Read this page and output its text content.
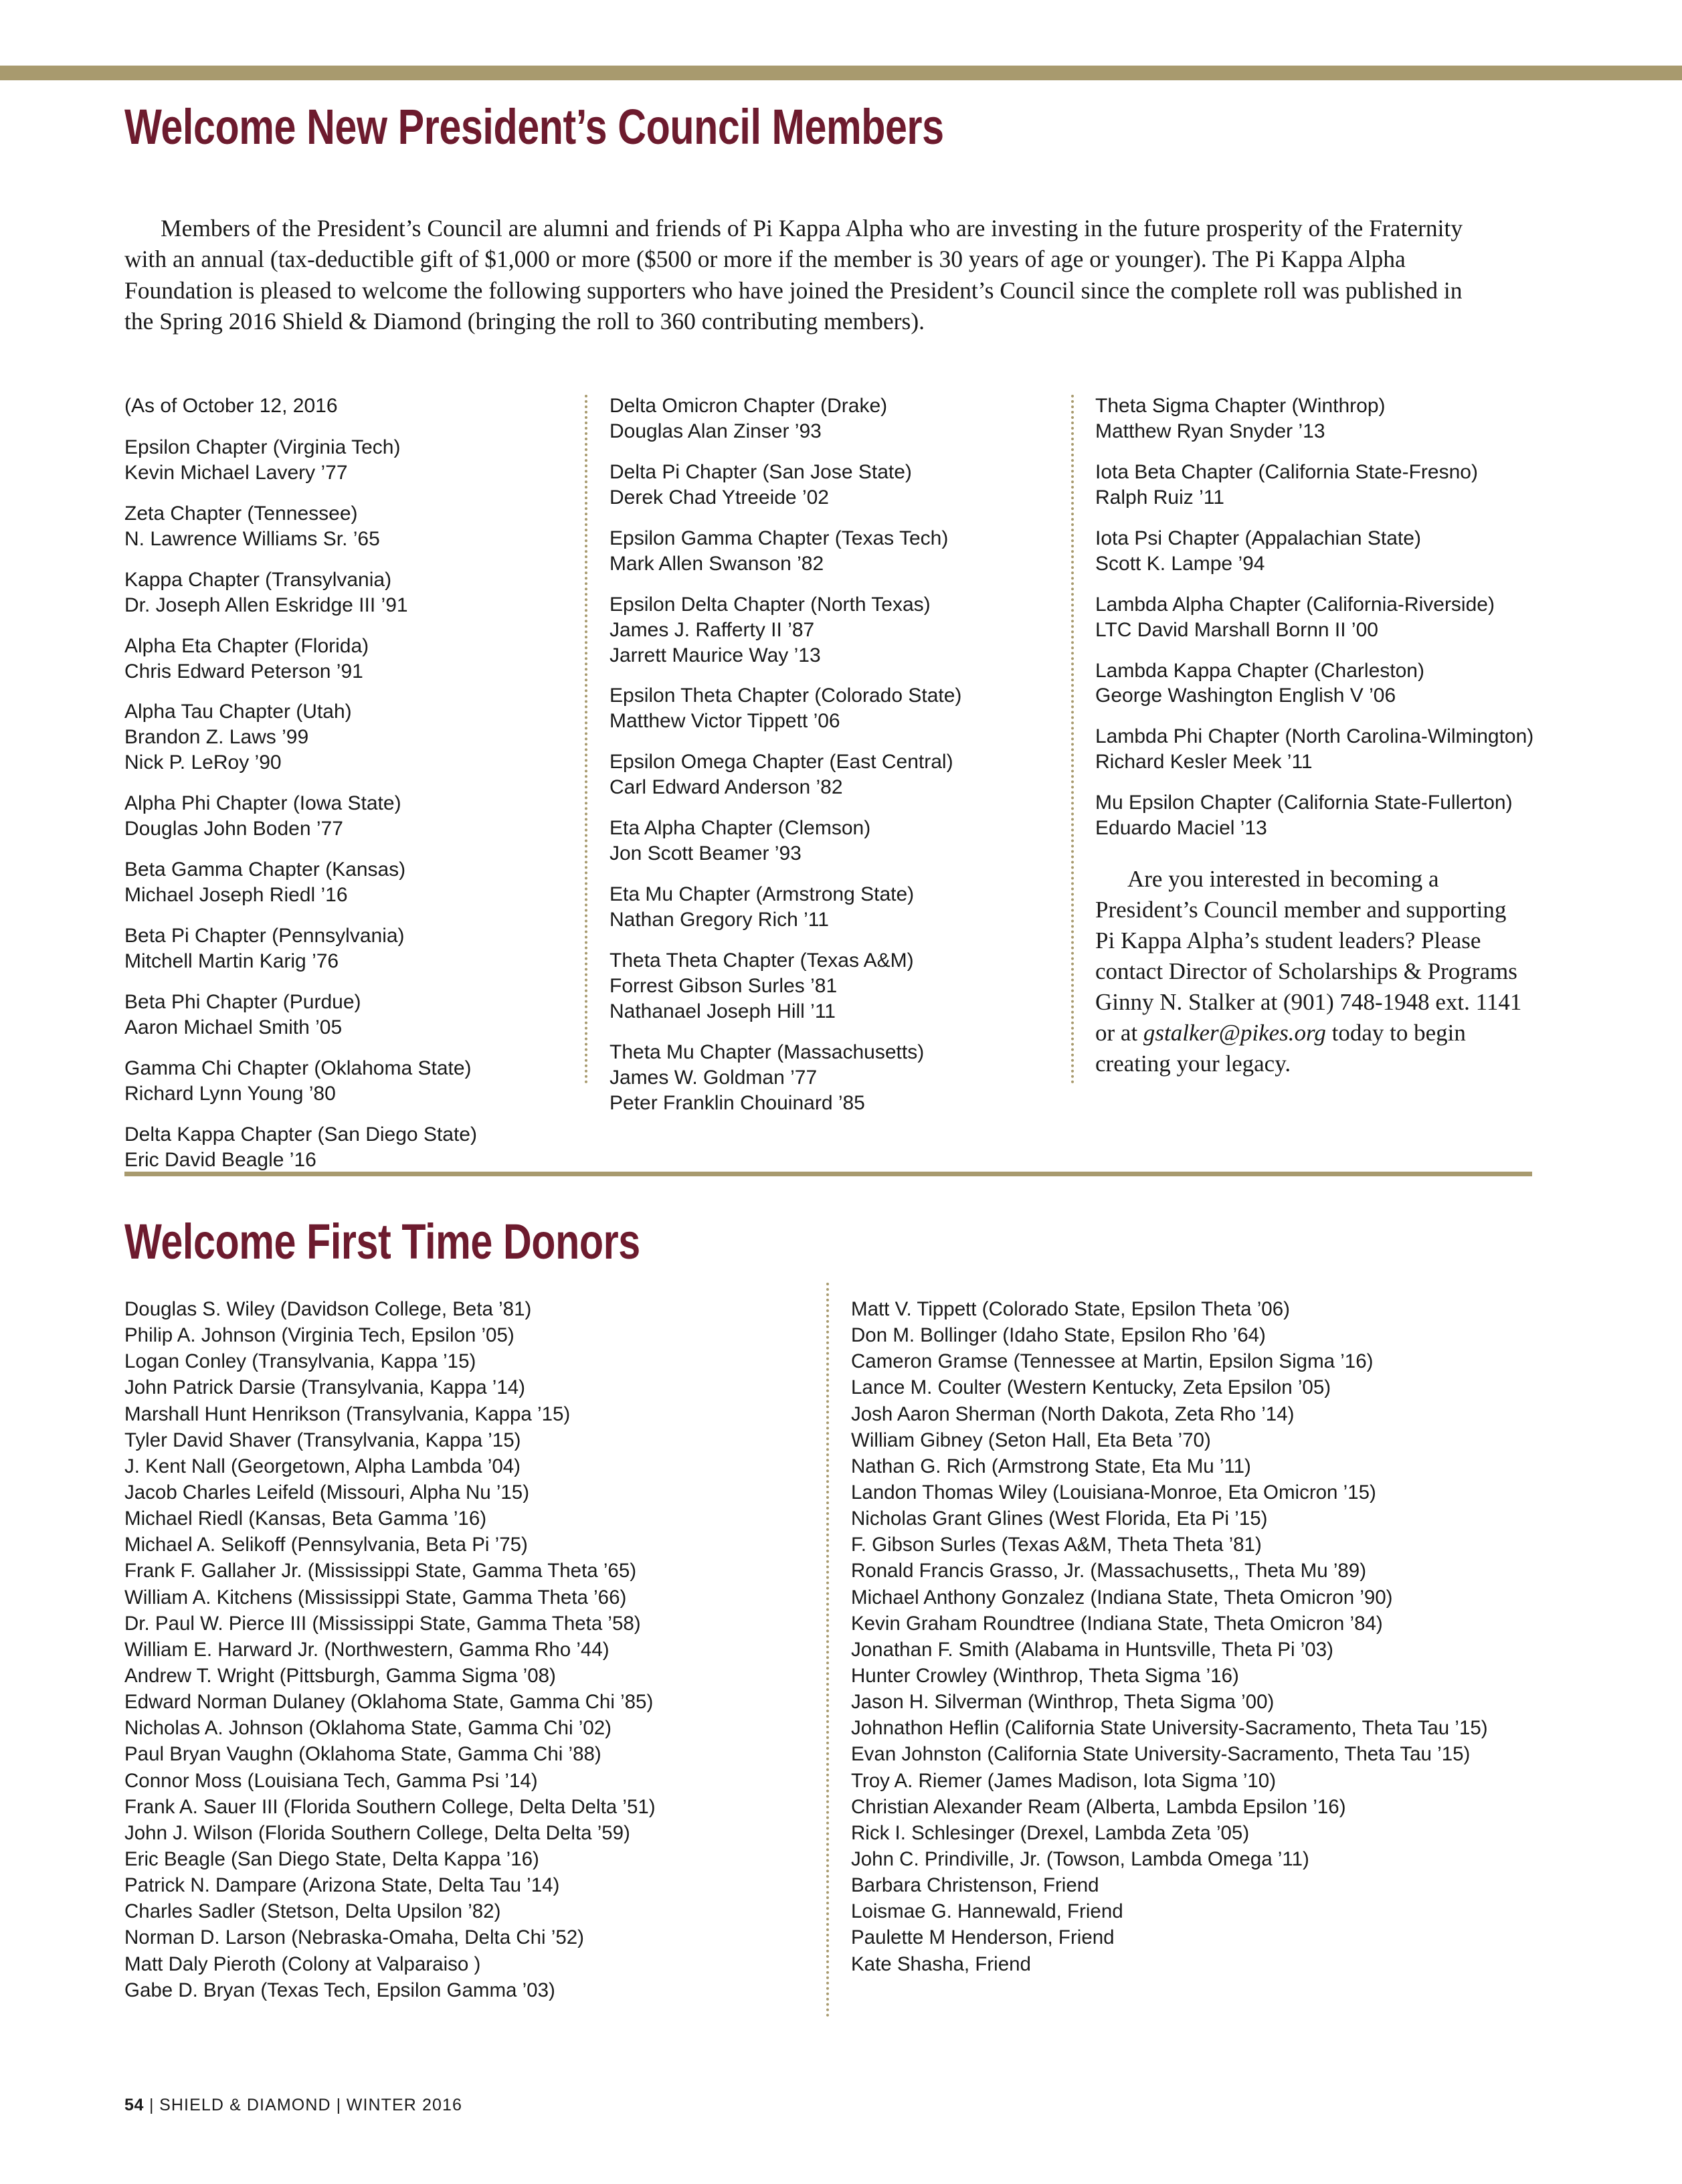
Welcome New President’s Council Members

Members of the President’s Council are alumni and friends of Pi Kappa Alpha who are investing in the future prosperity of the Fraternity with an annual (tax-deductible gift of $1,000 or more ($500 or more if the member is 30 years of age or younger). The Pi Kappa Alpha Foundation is pleased to welcome the following supporters who have joined the President’s Council since the complete roll was published in the Spring 2016 Shield & Diamond (bringing the roll to 360 contributing members).

(As of October 12, 2016
Epsilon Chapter (Virginia Tech)
Kevin Michael Lavery ’77
Zeta Chapter (Tennessee)
N. Lawrence Williams Sr. ’65
Kappa Chapter (Transylvania)
Dr. Joseph Allen Eskridge III ’91
Alpha Eta Chapter (Florida)
Chris Edward Peterson ’91
Alpha Tau Chapter (Utah)
Brandon Z. Laws ’99
Nick P. LeRoy ’90
Alpha Phi Chapter (Iowa State)
Douglas John Boden ’77
Beta Gamma Chapter (Kansas)
Michael Joseph Riedl ’16
Beta Pi Chapter (Pennsylvania)
Mitchell Martin Karig ’76
Beta Phi Chapter (Purdue)
Aaron Michael Smith ’05
Gamma Chi Chapter (Oklahoma State)
Richard Lynn Young ’80
Delta Kappa Chapter (San Diego State)
Eric David Beagle ’16
Delta Omicron Chapter (Drake)
Douglas Alan Zinser ’93
Delta Pi Chapter (San Jose State)
Derek Chad Ytreeide ’02
Epsilon Gamma Chapter (Texas Tech)
Mark Allen Swanson ’82
Epsilon Delta Chapter (North Texas)
James J. Rafferty II ’87
Jarrett Maurice Way ’13
Epsilon Theta Chapter (Colorado State)
Matthew Victor Tippett ’06
Epsilon Omega Chapter (East Central)
Carl Edward Anderson ’82
Eta Alpha Chapter (Clemson)
Jon Scott Beamer ’93
Eta Mu Chapter (Armstrong State)
Nathan Gregory Rich ’11
Theta Theta Chapter (Texas A&M)
Forrest Gibson Surles ’81
Nathanael Joseph Hill ’11
Theta Mu Chapter (Massachusetts)
James W. Goldman ’77
Peter Franklin Chouinard ’85
Theta Sigma Chapter (Winthrop)
Matthew Ryan Snyder ’13
Iota Beta Chapter (California State-Fresno)
Ralph Ruiz ’11
Iota Psi Chapter (Appalachian State)
Scott K. Lampe ’94
Lambda Alpha Chapter (California-Riverside)
LTC David Marshall Bornn II ’00
Lambda Kappa Chapter (Charleston)
George Washington English V ’06
Lambda Phi Chapter (North Carolina-Wilmington)
Richard Kesler Meek ’11
Mu Epsilon Chapter (California State-Fullerton)
Eduardo Maciel ’13

Are you interested in becoming a President’s Council member and supporting Pi Kappa Alpha’s student leaders? Please contact Director of Scholarships & Programs Ginny N. Stalker at (901) 748-1948 ext. 1141 or at gstalker@pikes.org today to begin creating your legacy.

Welcome First Time Donors
Douglas S. Wiley (Davidson College, Beta ’81)
Philip A. Johnson (Virginia Tech, Epsilon ’05)
Logan Conley (Transylvania, Kappa ’15)
John Patrick Darsie (Transylvania, Kappa ’14)
Marshall Hunt Henrikson (Transylvania, Kappa ’15)
Tyler David Shaver (Transylvania, Kappa ’15)
J. Kent Nall (Georgetown, Alpha Lambda ’04)
Jacob Charles Leifeld (Missouri, Alpha Nu ’15)
Michael Riedl (Kansas, Beta Gamma ’16)
Michael A. Selikoff (Pennsylvania, Beta Pi ’75)
Frank F. Gallaher Jr. (Mississippi State, Gamma Theta ’65)
William A. Kitchens (Mississippi State, Gamma Theta ’66)
Dr. Paul W. Pierce III (Mississippi State, Gamma Theta ’58)
William E. Harward Jr. (Northwestern, Gamma Rho ’44)
Andrew T. Wright (Pittsburgh, Gamma Sigma ’08)
Edward Norman Dulaney (Oklahoma State, Gamma Chi ’85)
Nicholas A. Johnson (Oklahoma State, Gamma Chi ’02)
Paul Bryan Vaughn (Oklahoma State, Gamma Chi ’88)
Connor Moss (Louisiana Tech, Gamma Psi ’14)
Frank A. Sauer III (Florida Southern College, Delta Delta ’51)
John J. Wilson (Florida Southern College, Delta Delta ’59)
Eric Beagle (San Diego State, Delta Kappa ’16)
Patrick N. Dampare (Arizona State, Delta Tau ’14)
Charles Sadler (Stetson, Delta Upsilon ’82)
Norman D. Larson (Nebraska-Omaha, Delta Chi ’52)
Matt Daly Pieroth (Colony at Valparaiso )
Gabe D. Bryan (Texas Tech, Epsilon Gamma ’03)
Matt V. Tippett (Colorado State, Epsilon Theta ’06)
Don M. Bollinger (Idaho State, Epsilon Rho ’64)
Cameron Gramse (Tennessee at Martin, Epsilon Sigma ’16)
Lance M. Coulter (Western Kentucky, Zeta Epsilon ’05)
Josh Aaron Sherman (North Dakota, Zeta Rho ’14)
William Gibney (Seton Hall, Eta Beta ’70)
Nathan G. Rich (Armstrong State, Eta Mu ’11)
Landon Thomas Wiley (Louisiana-Monroe, Eta Omicron ’15)
Nicholas Grant Glines (West Florida, Eta Pi ’15)
F. Gibson Surles (Texas A&M, Theta Theta ’81)
Ronald Francis Grasso, Jr. (Massachusetts,, Theta Mu ’89)
Michael Anthony Gonzalez (Indiana State, Theta Omicron ’90)
Kevin Graham Roundtree (Indiana State, Theta Omicron ’84)
Jonathan F. Smith (Alabama in Huntsville, Theta Pi ’03)
Hunter Crowley (Winthrop, Theta Sigma ’16)
Jason H. Silverman (Winthrop, Theta Sigma ’00)
Johnathon Heflin (California State University-Sacramento, Theta Tau ’15)
Evan Johnston (California State University-Sacramento, Theta Tau ’15)
Troy A. Riemer (James Madison, Iota Sigma ’10)
Christian Alexander Ream (Alberta, Lambda Epsilon ’16)
Rick I. Schlesinger (Drexel, Lambda Zeta ’05)
John C. Prindiville, Jr. (Towson, Lambda Omega ’11)
Barbara Christenson, Friend
Loismae G. Hannewald, Friend
Paulette M Henderson, Friend
Kate Shasha, Friend
54 | SHIELD & DIAMOND | WINTER 2016
